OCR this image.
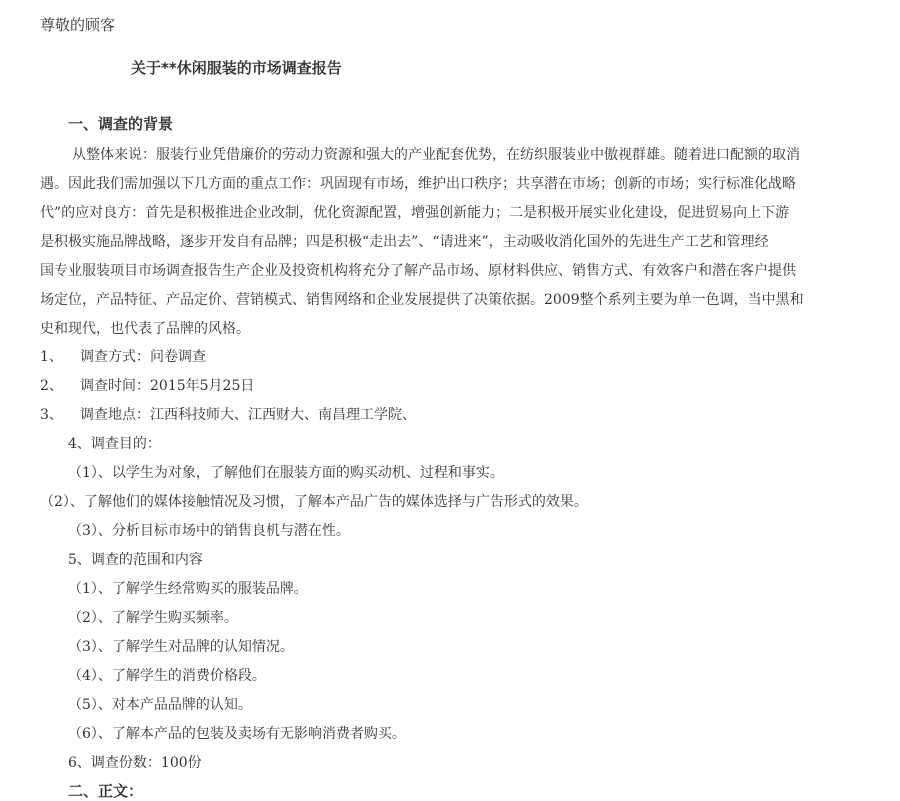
尊敬的顾客
关于**休闲服装的市场调查报告
一、调查的背景
从整体来说：服装行业凭借廉价的劳动力资源和强大的产业配套优势，在纺织服装业中傲视群雄。随着进口配额的取消
遇。因此我们需加强以下几方面的重点工作：巩固现有市场，维护出口秩序；共享潜在市场；创新的市场；实行标准化战略
代”的应对良方：首先是积极推进企业改制，优化资源配置，增强创新能力；二是积极开展实业化建设，促进贸易向上下游
是积极实施品牌战略，逐步开发自有品牌；四是积极“走出去”、“请进来”，主动吸收消化国外的先进生产工艺和管理经
国专业服装项目市场调查报告生产企业及投资机构将充分了解产品市场、原材料供应、销售方式、有效客户和潜在客户提供
场定位，产品特征、产品定价、营销模式、销售网络和企业发展提供了决策依据。2009整个系列主要为单一色调，当中黑和
史和现代，也代表了品牌的风格。
1、 调查方式：问卷调查
2、 调查时间：2015年5月25日
3、 调查地点：江西科技师大、江西财大、南昌理工学院、
4、调查目的：
（1）、以学生为对象，了解他们在服装方面的购买动机、过程和事实。
（2）、了解他们的媒体接触情况及习惯，了解本产品广告的媒体选择与广告形式的效果。
（3）、分析目标市场中的销售良机与潜在性。
5、调查的范围和内容
（1）、了解学生经常购买的服装品牌。
（2）、了解学生购买频率。
（3）、了解学生对品牌的认知情况。
（4）、了解学生的消费价格段。
（5）、对本产品品牌的认知。
（6）、了解本产品的包装及卖场有无影响消费者购买。
6、调查份数：100份
二、正文：
